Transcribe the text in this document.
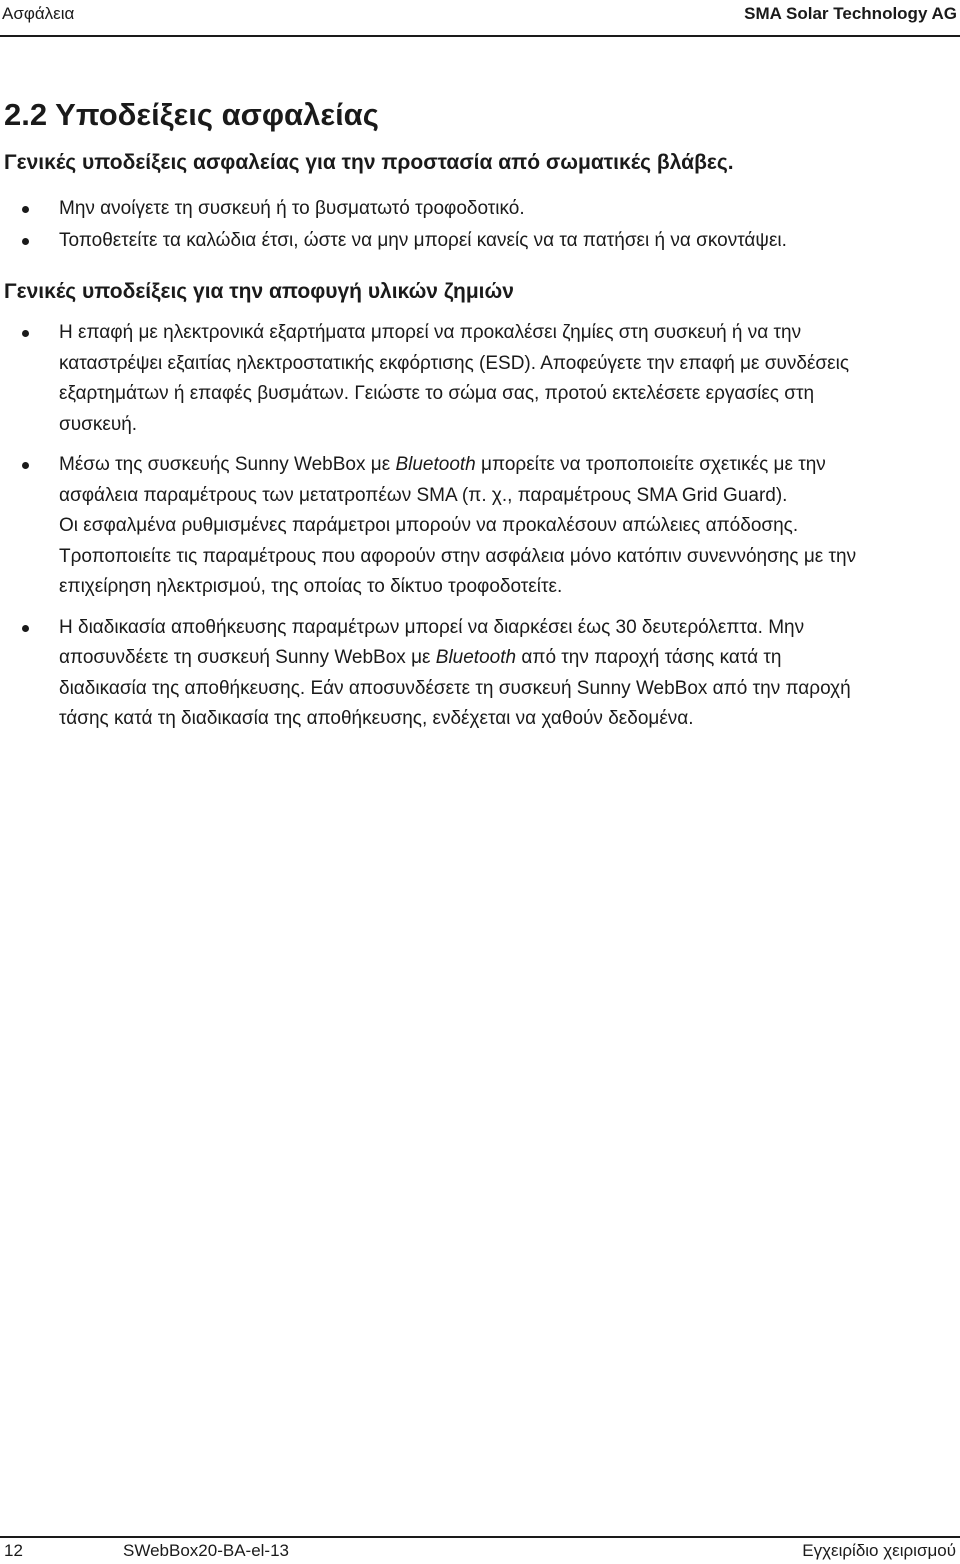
Ασφάλεια	SMA Solar Technology AG
2.2 Υποδείξεις ασφαλείας
Γενικές υποδείξεις ασφαλείας για την προστασία από σωματικές βλάβες.
Μην ανοίγετε τη συσκευή ή το βυσματωτό τροφοδοτικό.
Τοποθετείτε τα καλώδια έτσι, ώστε να μην μπορεί κανείς να τα πατήσει ή να σκοντάψει.
Γενικές υποδείξεις για την αποφυγή υλικών ζημιών
Η επαφή με ηλεκτρονικά εξαρτήματα μπορεί να προκαλέσει ζημίες στη συσκευή ή να την
καταστρέψει εξαιτίας ηλεκτροστατικής εκφόρτισης (ESD). Αποφεύγετε την επαφή με συνδέσεις
εξαρτημάτων ή επαφές βυσμάτων. Γειώστε το σώμα σας, προτού εκτελέσετε εργασίες στη
συσκευή.
Μέσω της συσκευής Sunny WebBox με Bluetooth μπορείτε να τροποποιείτε σχετικές με την
ασφάλεια παραμέτρους των μετατροπέων SMA (π. χ., παραμέτρους SMA Grid Guard).
Οι εσφαλμένα ρυθμισμένες παράμετροι μπορούν να προκαλέσουν απώλειες απόδοσης.
Τροποποιείτε τις παραμέτρους που αφορούν στην ασφάλεια μόνο κατόπιν συνεννόησης με την
επιχείρηση ηλεκτρισμού, της οποίας το δίκτυο τροφοδοτείτε.
Η διαδικασία αποθήκευσης παραμέτρων μπορεί να διαρκέσει έως 30 δευτερόλεπτα. Μην
αποσυνδέετε τη συσκευή Sunny WebBox με Bluetooth από την παροχή τάσης κατά τη
διαδικασία της αποθήκευσης. Εάν αποσυνδέσετε τη συσκευή Sunny WebBox από την παροχή
τάσης κατά τη διαδικασία της αποθήκευσης, ενδέχεται να χαθούν δεδομένα.
12	SWebBox20-BA-el-13	Εγχειρίδιο χειρισμού
